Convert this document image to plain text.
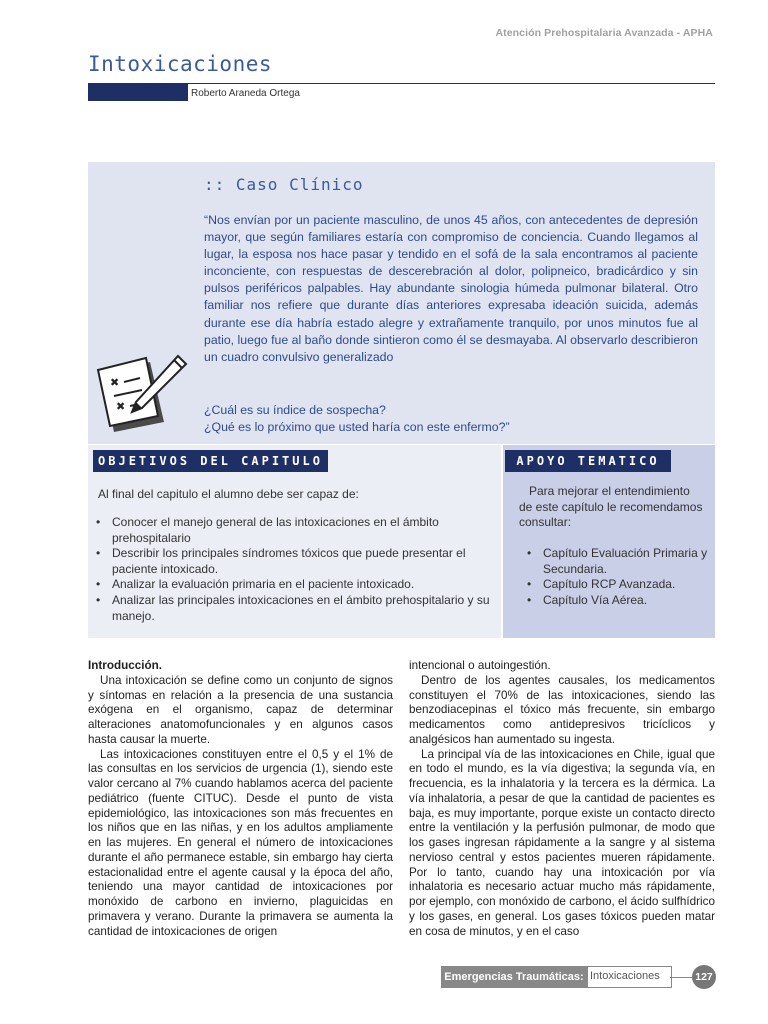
Atención Prehospitalaria Avanzada - APHA
Intoxicaciones
Roberto Araneda Ortega
:: Caso Clínico
“Nos envían por un paciente masculino, de unos 45 años, con antecedentes de depresión mayor, que según familiares estaría con compromiso de conciencia. Cuando llegamos al lugar, la esposa nos hace pasar y tendido en el sofá de la sala encontramos al paciente inconciente, con respuestas de descerebración al dolor, polipneico, bradicárdico y sin pulsos periféricos palpables. Hay abundante sinologia húmeda pulmonar bilateral. Otro familiar nos refiere que durante días anteriores expresaba ideación suicida, además durante ese día habría estado alegre y extrañamente tranquilo, por unos minutos fue al patio, luego fue al baño donde sintieron como él se desmayaba. Al observarlo describieron un cuadro convulsivo generalizado
¿Cuál es su índice de sospecha?
¿Qué es lo próximo que usted haría con este enfermo?”
✖
✖
OBJETIVOS DEL CAPITULO
Al final del capitulo el alumno debe ser capaz de:
• Conocer el manejo general de las intoxicaciones en el ámbito prehospitalario
• Describir los principales síndromes tóxicos que puede presentar el paciente intoxicado.
• Analizar la evaluación primaria en el paciente intoxicado.
• Analizar las principales intoxicaciones en el ámbito prehospitalario y su manejo.
APOYO TEMATICO
Para mejorar el entendimiento de este capítulo le recomendamos consultar:
• Capítulo Evaluación Primaria y Secundaria.
• Capítulo RCP Avanzada.
• Capítulo Vía Aérea.
Introducción.

Una intoxicación se define como un conjunto de signos y síntomas en relación a la presencia de una sustancia exógena en el organismo, capaz de determinar alteraciones anatomofuncionales y en algunos casos hasta causar la muerte.

Las intoxicaciones constituyen entre el 0,5 y el 1% de las consultas en los servicios de urgencia (1), siendo este valor cercano al 7% cuando hablamos acerca del paciente pediátrico (fuente CITUC). Desde el punto de vista epidemiológico, las intoxicaciones son más frecuentes en los niños que en las niñas, y en los adultos ampliamente en las mujeres. En general el número de intoxicaciones durante el año permanece estable, sin embargo hay cierta estacionalidad entre el agente causal y la época del año, teniendo una mayor cantidad de intoxicaciones por monóxido de carbono en invierno, plaguicidas en primavera y verano. Durante la primavera se aumenta la cantidad de intoxicaciones de origen

intencional o autoingestión.

Dentro de los agentes causales, los medicamentos constituyen el 70% de las intoxicaciones, siendo las benzodiacepinas el tóxico más frecuente, sin embargo medicamentos como antidepresivos tricíclicos y analgésicos han aumentado su ingesta.

La principal vía de las intoxicaciones en Chile, igual que en todo el mundo, es la vía digestiva; la segunda vía, en frecuencia, es la inhalatoria y la tercera es la dérmica. La vía inhalatoria, a pesar de que la cantidad de pacientes es baja, es muy importante, porque existe un contacto directo entre la ventilación y la perfusión pulmonar, de modo que los gases ingresan rápidamente a la sangre y al sistema nervioso central y estos pacientes mueren rápidamente. Por lo tanto, cuando hay una intoxicación por vía inhalatoria es necesario actuar mucho más rápidamente, por ejemplo, con monóxido de carbono, el ácido sulfhídrico y los gases, en general. Los gases tóxicos pueden matar en cosa de minutos, y en el caso

Emergencias Traumáticas: Intoxicaciones	127
